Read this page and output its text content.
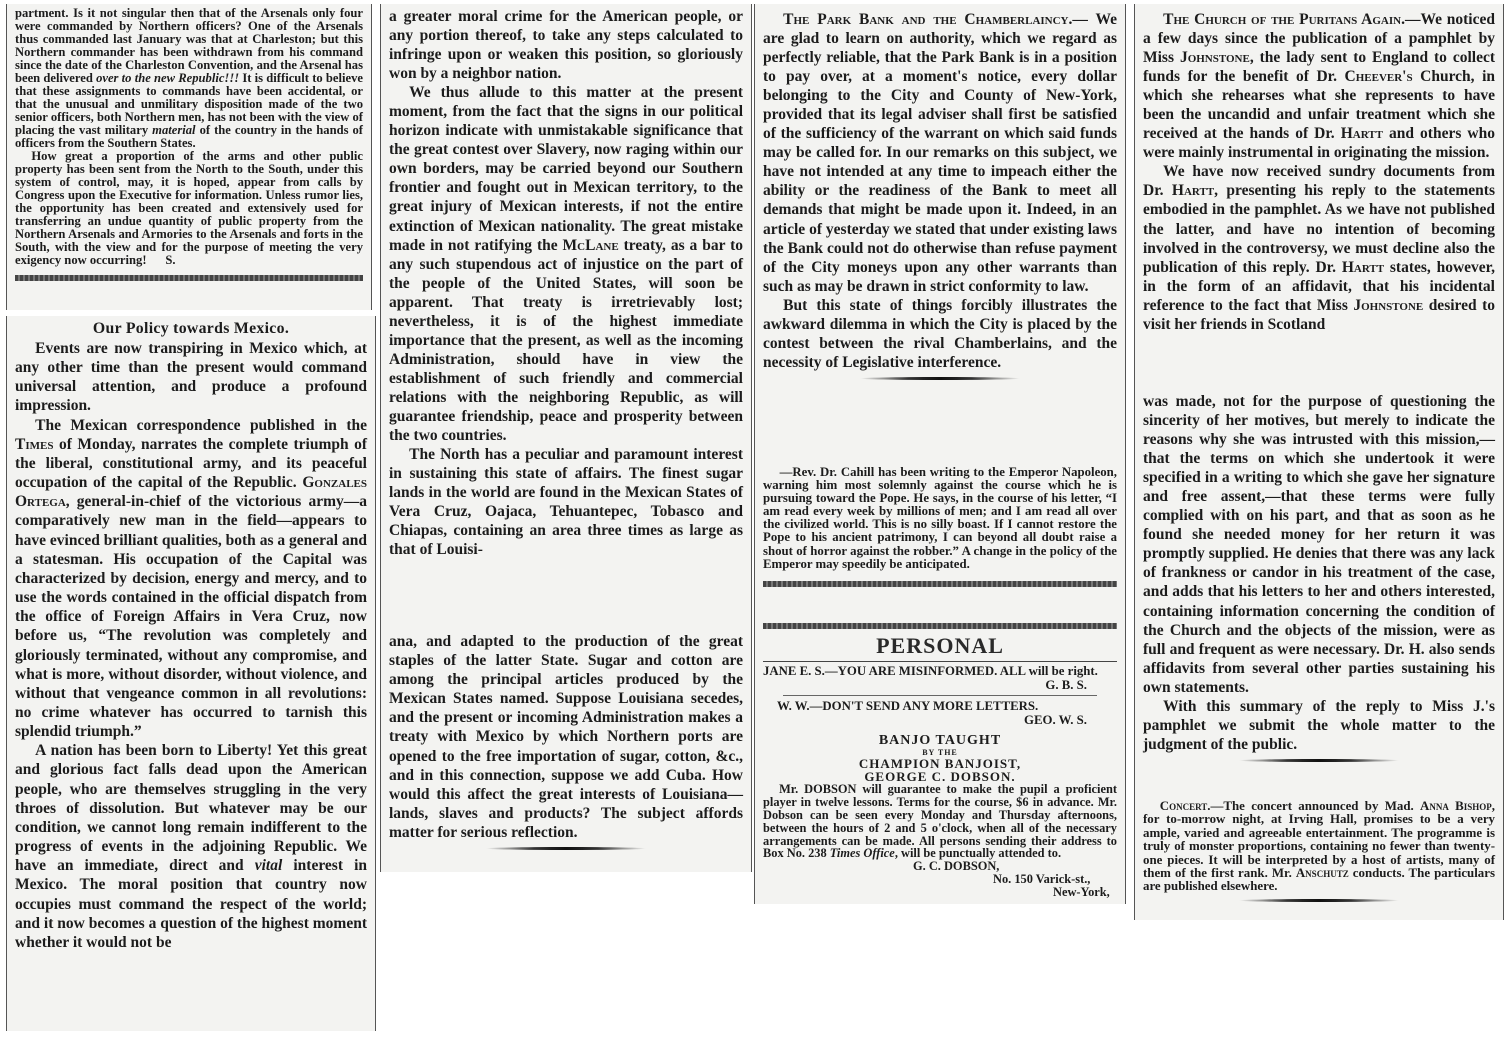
partment. Is it not singular then that of the Arsenals only four were commanded by Northern officers? One of the Arsenals thus commanded last January was that at Charleston; but this Northern commander has been withdrawn from his command since the date of the Charleston Convention, and the Arsenal has been delivered over to the new Republic!!! It is difficult to believe that these assignments to commands have been accidental, or that the unusual and unmilitary disposition made of the two senior officers, both Northern men, has not been with the view of placing the vast military material of the country in the hands of officers from the Southern States.

How great a proportion of the arms and other public property has been sent from the North to the South, under this system of control, may, it is hoped, appear from calls by Congress upon the Executive for information. Unless rumor lies, the opportunity has been created and extensively used for transferring an undue quantity of public property from the Northern Arsenals and Armories to the Arsenals and forts in the South, with the view and for the purpose of meeting the very exigency now occurring! S.

Our Policy towards Mexico.

Events are now transpiring in Mexico which, at any other time than the present would command universal attention, and produce a profound impression.

The Mexican correspondence published in the Times of Monday, narrates the complete triumph of the liberal, constitutional army, and its peaceful occupation of the capital of the Republic. Gonzales Ortega, general-in-chief of the victorious army—a comparatively new man in the field—appears to have evinced brilliant qualities, both as a general and a statesman. His occupation of the Capital was characterized by decision, energy and mercy, and to use the words contained in the official dispatch from the office of Foreign Affairs in Vera Cruz, now before us, “The revolution was completely and gloriously terminated, without any compromise, and what is more, without disorder, without violence, and without that vengeance common in all revolutions: no crime whatever has occurred to tarnish this splendid triumph.”

A nation has been born to Liberty! Yet this great and glorious fact falls dead upon the American people, who are themselves struggling in the very throes of dissolution. But whatever may be our condition, we cannot long remain indifferent to the progress of events in the adjoining Republic. We have an immediate, direct and vital interest in Mexico. The moral position that country now occupies must command the respect of the world; and it now becomes a question of the highest moment whether it would not be

a greater moral crime for the American people, or any portion thereof, to take any steps calculated to infringe upon or weaken this position, so gloriously won by a neighbor nation.

We thus allude to this matter at the present moment, from the fact that the signs in our political horizon indicate with unmistakable significance that the great contest over Slavery, now raging within our own borders, may be carried beyond our Southern frontier and fought out in Mexican territory, to the great injury of Mexican interests, if not the entire extinction of Mexican nationality. The great mistake made in not ratifying the McLane treaty, as a bar to any such stupendous act of injustice on the part of the people of the United States, will soon be apparent. That treaty is irretrievably lost; nevertheless, it is of the highest immediate importance that the present, as well as the incoming Administration, should have in view the establishment of such friendly and commercial relations with the neighboring Republic, as will guarantee friendship, peace and prosperity between the two countries.

The North has a peculiar and paramount interest in sustaining this state of affairs. The finest sugar lands in the world are found in the Mexican States of Vera Cruz, Oajaca, Tehuantepec, Tobasco and Chiapas, containing an area three times as large as that of Louisi-

ana, and adapted to the production of the great staples of the latter State. Sugar and cotton are among the principal articles produced by the Mexican States named. Suppose Louisiana secedes, and the present or incoming Administration makes a treaty with Mexico by which Northern ports are opened to the free importation of sugar, cotton, &c., and in this connection, suppose we add Cuba. How would this affect the great interests of Louisiana—lands, slaves and products? The subject affords matter for serious reflection.

The Park Bank and the Chamberlaincy.— We are glad to learn on authority, which we regard as perfectly reliable, that the Park Bank is in a position to pay over, at a moment's notice, every dollar belonging to the City and County of New-York, provided that its legal adviser shall first be satisfied of the sufficiency of the warrant on which said funds may be called for. In our remarks on this subject, we have not intended at any time to impeach either the ability or the readiness of the Bank to meet all demands that might be made upon it. Indeed, in an article of yesterday we stated that under existing laws the Bank could not do otherwise than refuse payment of the City moneys upon any other warrants than such as may be drawn in strict conformity to law.

But this state of things forcibly illustrates the awkward dilemma in which the City is placed by the contest between the rival Chamberlains, and the necessity of Legislative interference.

—Rev. Dr. Cahill has been writing to the Emperor Napoleon, warning him most solemnly against the course which he is pursuing toward the Pope. He says, in the course of his letter, “I am read every week by millions of men; and I am read all over the civilized world. This is no silly boast. If I cannot restore the Pope to his ancient patrimony, I can beyond all doubt raise a shout of horror against the robber.” A change in the policy of the Emperor may speedily be anticipated.

PERSONAL

JANE E. S.—YOU ARE MISINFORMED. ALL will be right.

G. B. S.

W. W.—DON'T SEND ANY MORE LETTERS.

GEO. W. S.

BANJO TAUGHT
BY THE
CHAMPION BANJOIST,
GEORGE C. DOBSON.

Mr. DOBSON will guarantee to make the pupil a proficient player in twelve lessons. Terms for the course, $6 in advance. Mr. Dobson can be seen every Monday and Thursday afternoons, between the hours of 2 and 5 o'clock, when all of the necessary arrangements can be made. All persons sending their address to Box No. 238 Times Office, will be punctually attended to.

G. C. DOBSON,

No. 150 Varick-st.,

New-York,

The Church of the Puritans Again.—We noticed a few days since the publication of a pamphlet by Miss Johnstone, the lady sent to England to collect funds for the benefit of Dr. Cheever's Church, in which she rehearses what she represents to have been the uncandid and unfair treatment which she received at the hands of Dr. Hartt and others who were mainly instrumental in originating the mission.

We have now received sundry documents from Dr. Hartt, presenting his reply to the statements embodied in the pamphlet. As we have not published the latter, and have no intention of becoming involved in the controversy, we must decline also the publication of this reply. Dr. Hartt states, however, in the form of an affidavit, that his incidental reference to the fact that Miss Johnstone desired to visit her friends in Scotland

was made, not for the purpose of questioning the sincerity of her motives, but merely to indicate the reasons why she was intrusted with this mission,—that the terms on which she undertook it were specified in a writing to which she gave her signature and free assent,—that these terms were fully complied with on his part, and that as soon as he found she needed money for her return it was promptly supplied. He denies that there was any lack of frankness or candor in his treatment of the case, and adds that his letters to her and others interested, containing information concerning the condition of the Church and the objects of the mission, were as full and frequent as were necessary. Dr. H. also sends affidavits from several other parties sustaining his own statements.

With this summary of the reply to Miss J.'s pamphlet we submit the whole matter to the judgment of the public.

Concert.—The concert announced by Mad. Anna Bishop, for to-morrow night, at Irving Hall, promises to be a very ample, varied and agreeable entertainment. The programme is truly of monster proportions, containing no fewer than twenty-one pieces. It will be interpreted by a host of artists, many of them of the first rank. Mr. Anschutz conducts. The particulars are published elsewhere.
